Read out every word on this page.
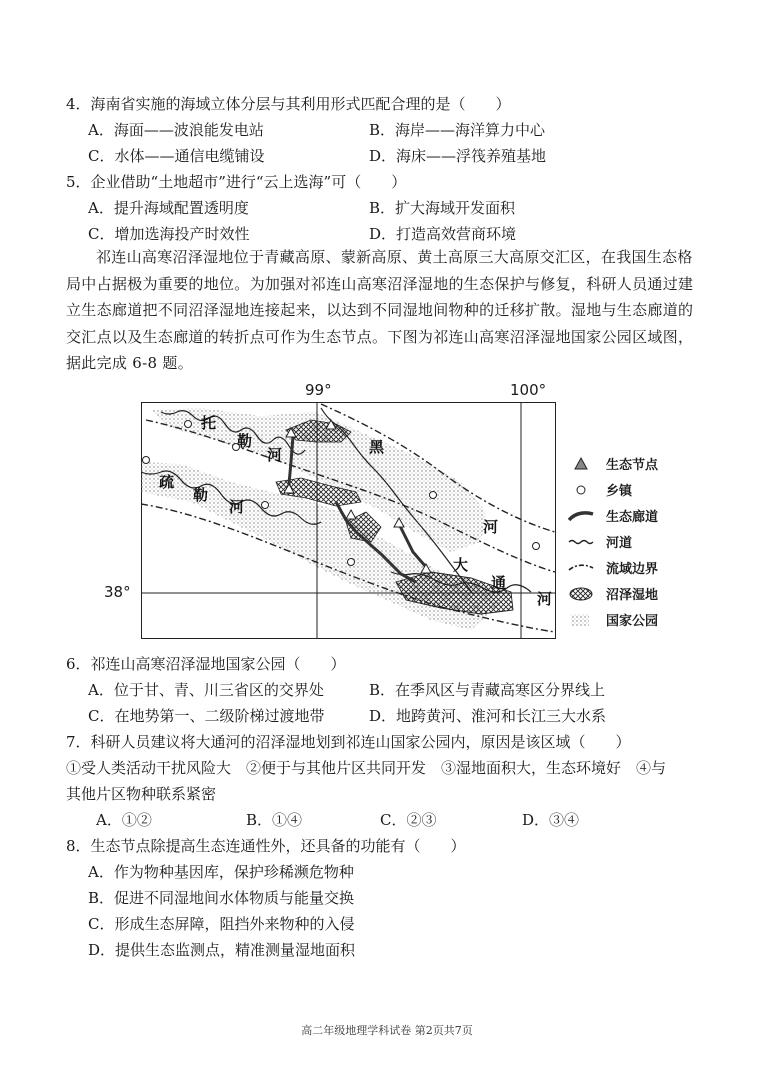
4．海南省实施的海域立体分层与其利用形式匹配合理的是（　　）
A．海面——波浪能发电站	B．海岸——海洋算力中心
C．水体——通信电缆铺设	D．海床——浮筏养殖基地
5．企业借助“土地超市”进行“云上选海”可（　　）
A．提升海域配置透明度	B．扩大海域开发面积
C．增加选海投产时效性	D．打造高效营商环境
祁连山高寒沼泽湿地位于青藏高原、蒙新高原、黄土高原三大高原交汇区，在我国生态格局中占据极为重要的地位。为加强对祁连山高寒沼泽湿地的生态保护与修复，科研人员通过建立生态廊道把不同沼泽湿地连接起来，以达到不同湿地间物种的迁移扩散。湿地与生态廊道的交汇点以及生态廊道的转折点可作为生态节点。下图为祁连山高寒沼泽湿地国家公园区域图，据此完成 6-8 题。
99°	100°
38°
托
勒
河
疏
勒
河
黑
河
大
通
河
生态节点
乡镇
生态廊道
河道
流域边界
沼泽湿地
国家公园
6．祁连山高寒沼泽湿地国家公园（　　）
A．位于甘、青、川三省区的交界处	B．在季风区与青藏高寒区分界线上
C．在地势第一、二级阶梯过渡地带	D．地跨黄河、淮河和长江三大水系
7．科研人员建议将大通河的沼泽湿地划到祁连山国家公园内，原因是该区域（　　）
①受人类活动干扰风险大　②便于与其他片区共同开发　③湿地面积大，生态环境好　④与
其他片区物种联系紧密
A．①②	B．①④	C．②③	D．③④
8．生态节点除提高生态连通性外，还具备的功能有（　　）
A．作为物种基因库，保护珍稀濒危物种
B．促进不同湿地间水体物质与能量交换
C．形成生态屏障，阻挡外来物种的入侵
D．提供生态监测点，精准测量湿地面积
高二年级地理学科试卷 第2页共7页
